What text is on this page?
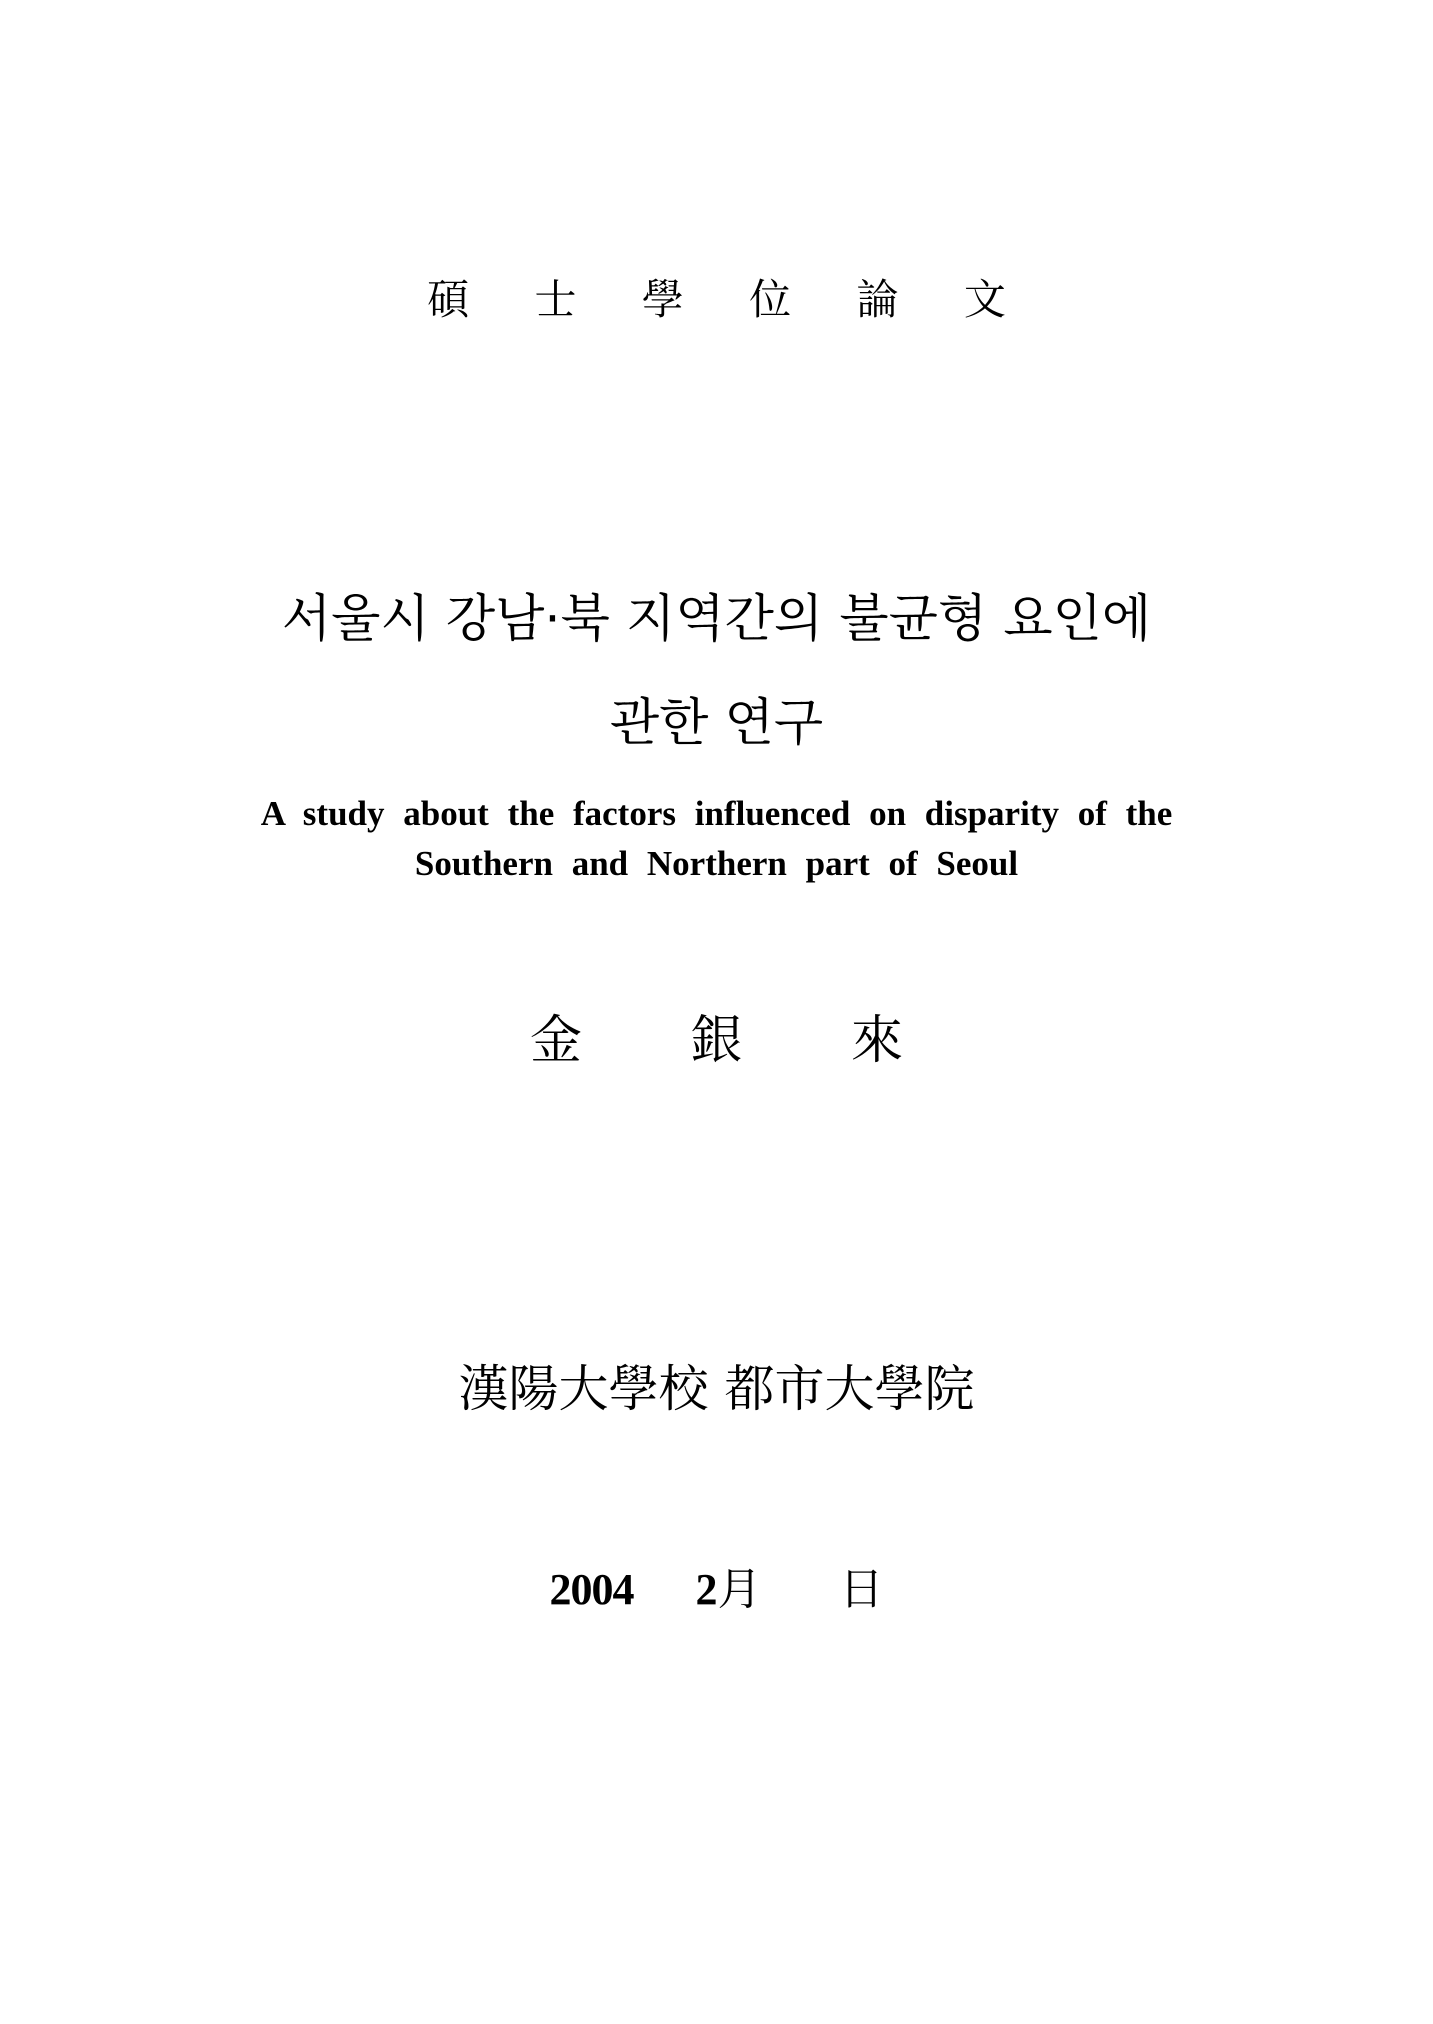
碩 士 學 位 論 文
서울시 강남·북 지역간의 불균형 요인에
관한 연구
A study about the factors influenced on disparity of the
Southern and Northern part of Seoul
金 銀 來
漢陽大學校 都市大學院
2004 2月 日
